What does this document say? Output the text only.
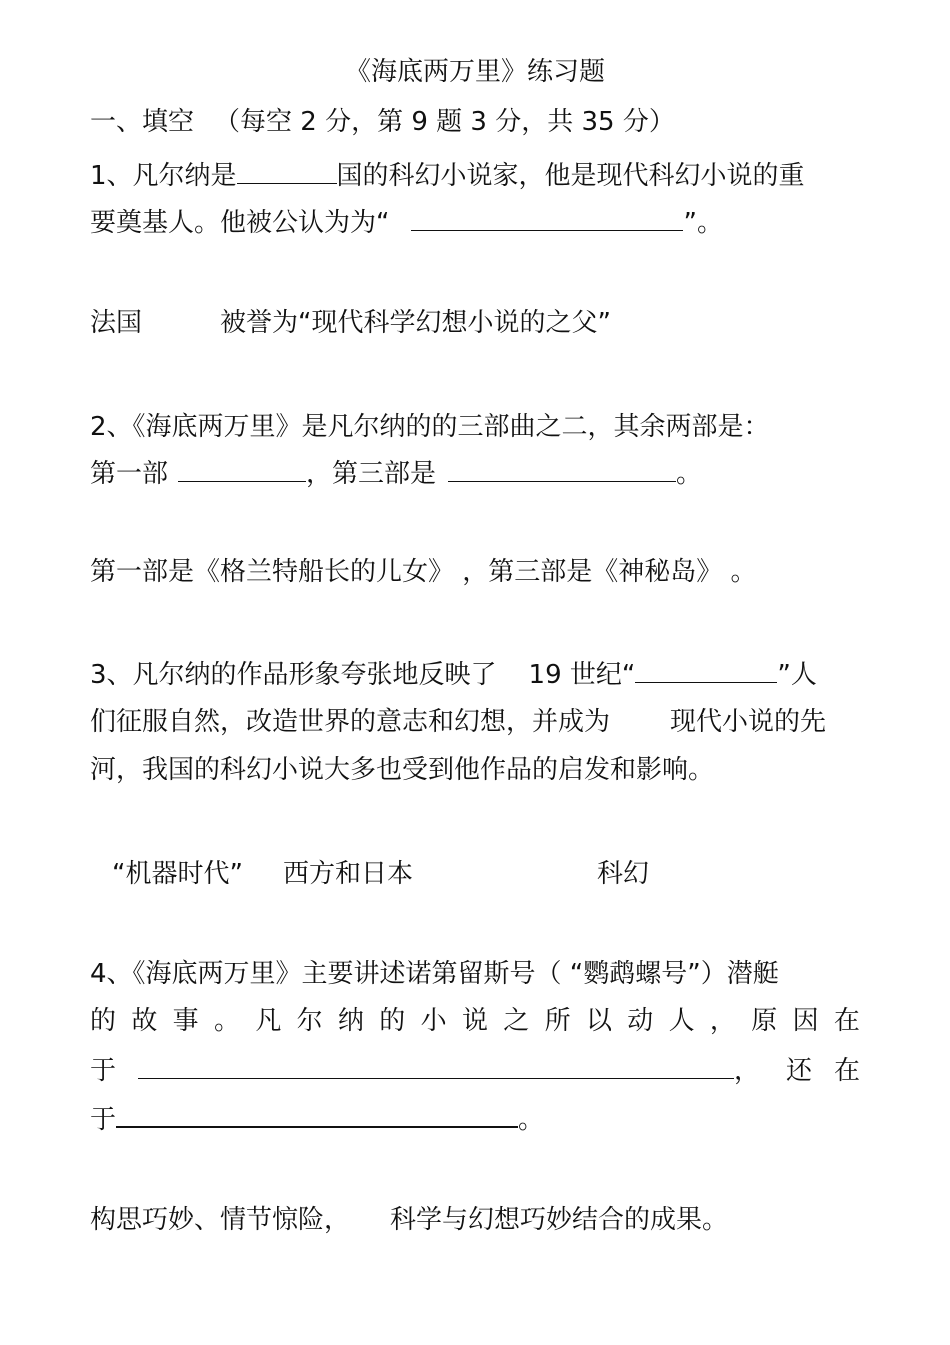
《海底两万里》练习题
一、填空 （每空 2 分，第 9 题 3 分，共 35 分）
1、凡尔纳是	国的科幻小说家，他是现代科幻小说的重
要奠基人。他被公认为为“	”。
法国	被誉为“现代科学幻想小说的之父”
2、《海底两万里》是凡尔纳的的三部曲之二，其余两部是：
第一部	，第三部是	。
第一部是《格兰特船长的儿女》 ，第三部是《神秘岛》 。
3、凡尔纳的作品形象夸张地反映了 19 世纪“	”人
们征服自然，改造世界的意志和幻想，并成为 现代小说的先
河，我国的科幻小说大多也受到他作品的启发和影响。
“机器时代” 西方和日本	科幻
4、《海底两万里》主要讲述诺第留斯号（ “鹦鹉螺号”）潜艇
的 故 事 。 凡 尔 纳 的 小 说 之 所 以 动 人 ， 原 因 在
于	， 还 在
于	。
构思巧妙、情节惊险， 科学与幻想巧妙结合的成果。
